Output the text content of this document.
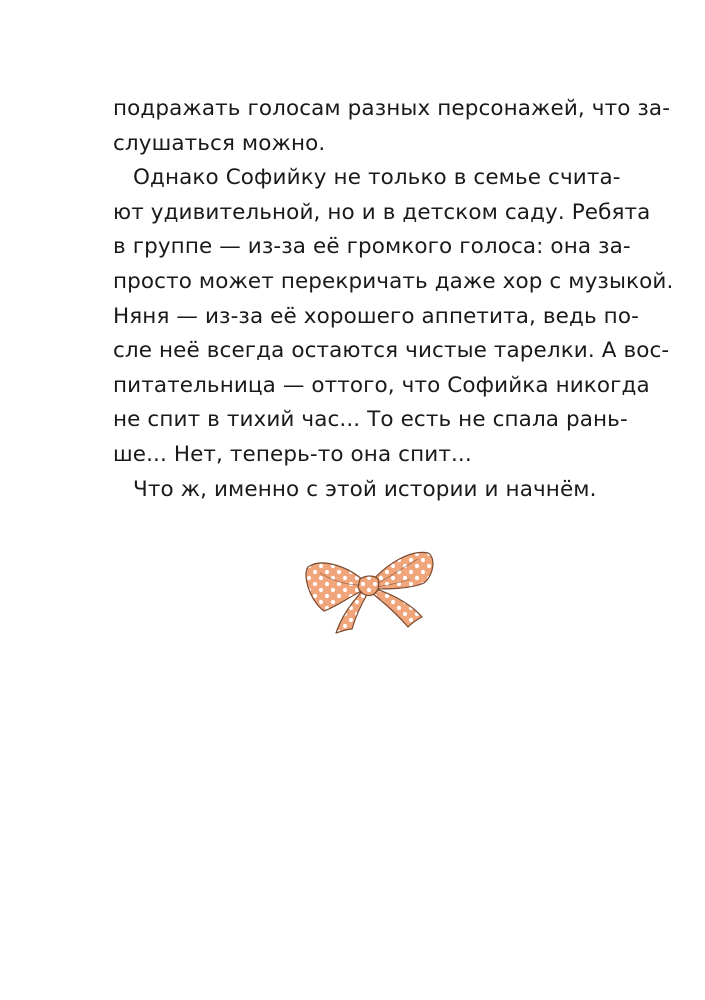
подражать голосам разных персонажей, что за-
слушаться можно.
Однако Софийку не только в семье счита-
ют удивительной, но и в детском саду. Ребята
в группе — из-за её громкого голоса: она за-
просто может перекричать даже хор с музыкой.
Няня — из-за её хорошего аппетита, ведь по-
сле неё всегда остаются чистые тарелки. А вос-
питательница — оттого, что Софийка никогда
не спит в тихий час... То есть не спала рань-
ше... Нет, теперь-то она спит...
Что ж, именно с этой истории и начнём.
